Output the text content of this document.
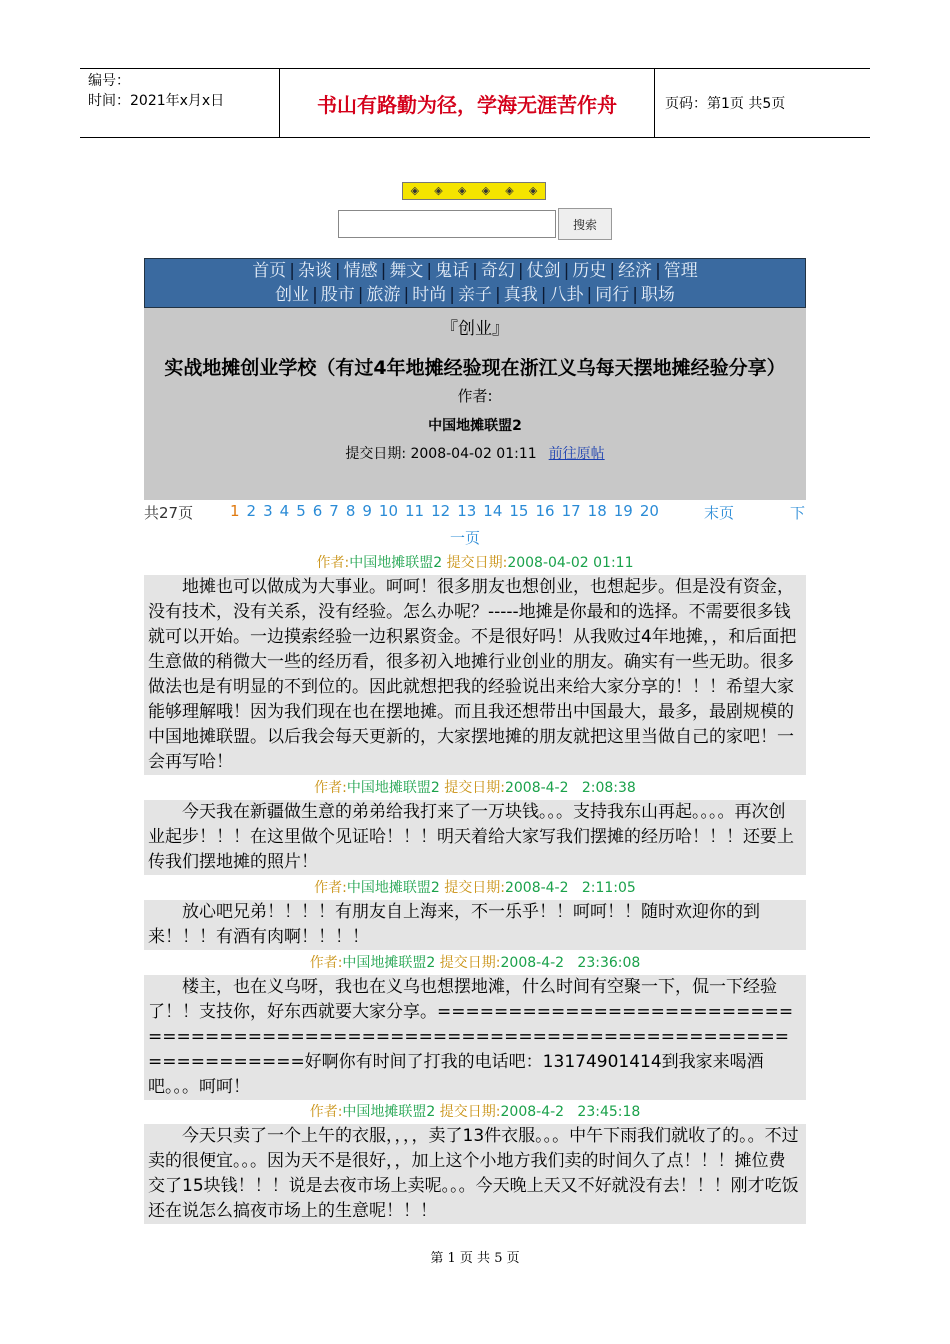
编号：
时间：2021年x月x日	书山有路勤为径，学海无涯苦作舟	页码：第1页 共5页
◈	◈	◈	◈	◈	◈
搜索
首页 | 杂谈 | 情感 | 舞文 | 鬼话 | 奇幻 | 仗剑 | 历史 | 经济 | 管理
创业 | 股市 | 旅游 | 时尚 | 亲子 | 真我 | 八卦 | 同行 | 职场
『创业』
实战地摊创业学校（有过4年地摊经验现在浙江义乌每天摆地摊经验分享）
作者:
中国地摊联盟2
提交日期: 2008-04-02 01:11 前往原帖
共27页 1 2 3 4 5 6 7 8 9 10 11 12 13 14 15 16 17 18 19 20	末页	下
一页
作者:中国地摊联盟2 提交日期:2008-04-02 01:11
地摊也可以做成为大事业。呵呵！很多朋友也想创业，也想起步。但是没有资金，没有技术，没有关系，没有经验。怎么办呢？-----地摊是你最和的选择。不需要很多钱就可以开始。一边摸索经验一边积累资金。不是很好吗！从我败过4年地摊，，和后面把生意做的稍微大一些的经历看，很多初入地摊行业创业的朋友。确实有一些无助。很多做法也是有明显的不到位的。因此就想把我的经验说出来给大家分享的！！！希望大家能够理解哦！因为我们现在也在摆地摊。而且我还想带出中国最大，最多，最剧规模的中国地摊联盟。以后我会每天更新的，大家摆地摊的朋友就把这里当做自己的家吧！一会再写哈！
作者:中国地摊联盟2 提交日期:2008-4-2   2:08:38
今天我在新疆做生意的弟弟给我打来了一万块钱。。。支持我东山再起。。。。再次创业起步！！！在这里做个见证哈！！！明天着给大家写我们摆摊的经历哈！！！还要上传我们摆地摊的照片！
作者:中国地摊联盟2 提交日期:2008-4-2   2:11:05
放心吧兄弟！！！！有朋友自上海来，不一乐乎！！呵呵！！随时欢迎你的到来！！！有酒有肉啊！！！！
作者:中国地摊联盟2 提交日期:2008-4-2   23:36:08
楼主，也在义乌呀，我也在义乌也想摆地滩，什么时间有空聚一下，侃一下经验了！！支技你，好东西就要大家分享。=================================================================================好啊你有时间了打我的电话吧：13174901414到我家来喝酒吧。。。呵呵！
作者:中国地摊联盟2 提交日期:2008-4-2   23:45:18
今天只卖了一个上午的衣服，，，，卖了13件衣服。。。中午下雨我们就收了的。。不过卖的很便宜。。。因为天不是很好，，加上这个小地方我们卖的时间久了点！！！摊位费交了15块钱！！！说是去夜市场上卖呢。。。今天晚上天又不好就没有去！！！刚才吃饭还在说怎么搞夜市场上的生意呢！！！
第 1 页 共 5 页
